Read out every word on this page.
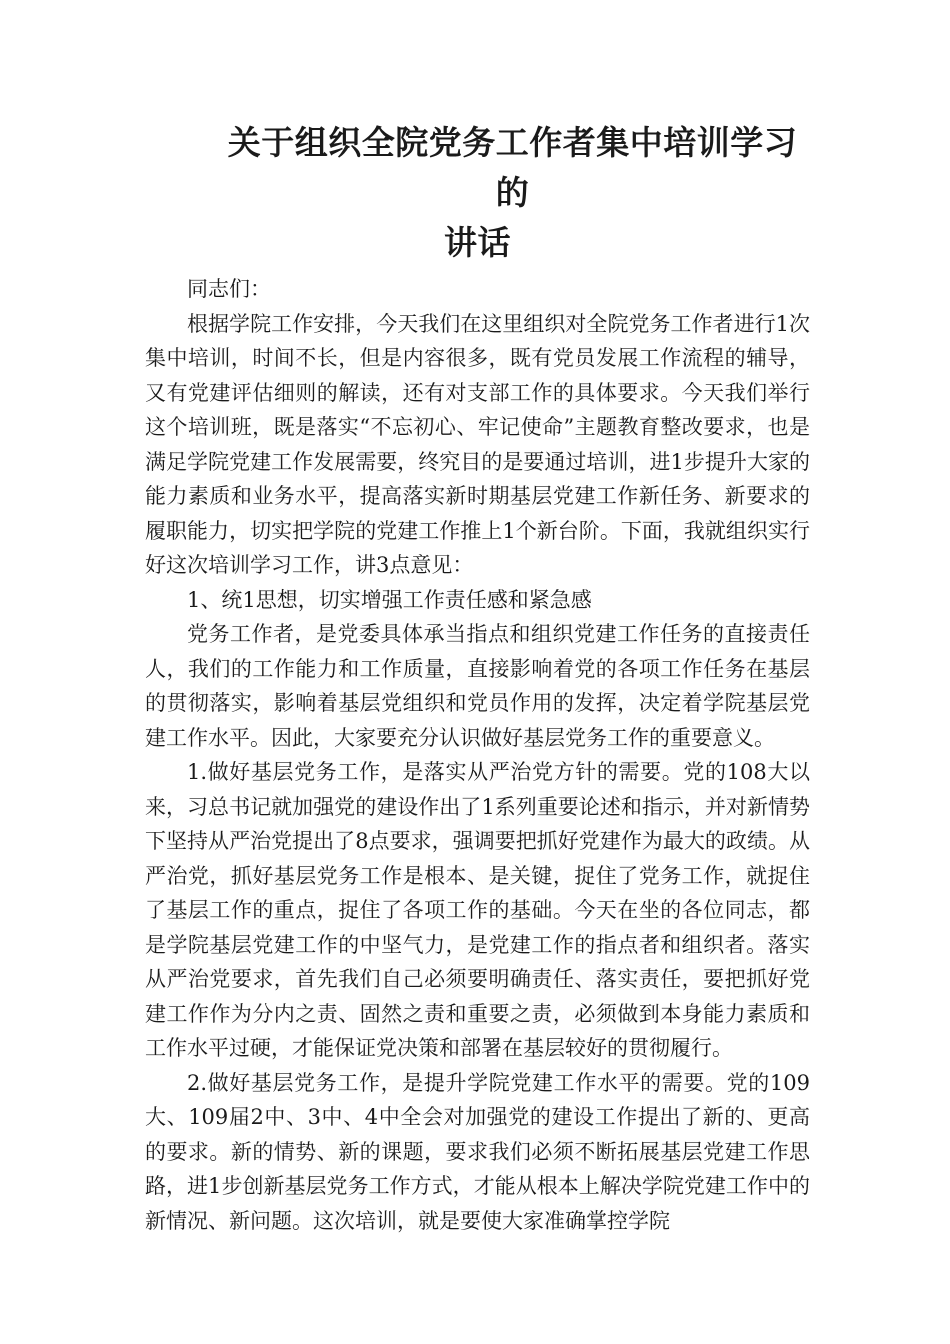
关于组织全院党务工作者集中培训学习的
讲话

同志们：

根据学院工作安排，今天我们在这里组织对全院党务工作者进行1次集中培训，时间不长，但是内容很多，既有党员发展工作流程的辅导，又有党建评估细则的解读，还有对支部工作的具体要求。今天我们举行这个培训班，既是落实“不忘初心、牢记使命”主题教育整改要求，也是满足学院党建工作发展需要，终究目的是要通过培训，进1步提升大家的能力素质和业务水平，提高落实新时期基层党建工作新任务、新要求的履职能力，切实把学院的党建工作推上1个新台阶。下面，我就组织实行好这次培训学习工作，讲3点意见：

1、统1思想，切实增强工作责任感和紧急感

党务工作者，是党委具体承当指点和组织党建工作任务的直接责任人，我们的工作能力和工作质量，直接影响着党的各项工作任务在基层的贯彻落实，影响着基层党组织和党员作用的发挥，决定着学院基层党建工作水平。因此，大家要充分认识做好基层党务工作的重要意义。

1.做好基层党务工作，是落实从严治党方针的需要。党的108大以来，习总书记就加强党的建设作出了1系列重要论述和指示，并对新情势下坚持从严治党提出了8点要求，强调要把抓好党建作为最大的政绩。从严治党，抓好基层党务工作是根本、是关键，捉住了党务工作，就捉住了基层工作的重点，捉住了各项工作的基础。今天在坐的各位同志，都是学院基层党建工作的中坚气力，是党建工作的指点者和组织者。落实从严治党要求，首先我们自己必须要明确责任、落实责任，要把抓好党建工作作为分内之责、固然之责和重要之责，必须做到本身能力素质和工作水平过硬，才能保证党决策和部署在基层较好的贯彻履行。

2.做好基层党务工作，是提升学院党建工作水平的需要。党的109大、109届2中、3中、4中全会对加强党的建设工作提出了新的、更高的要求。新的情势、新的课题，要求我们必须不断拓展基层党建工作思路，进1步创新基层党务工作方式，才能从根本上解决学院党建工作中的新情况、新问题。这次培训，就是要使大家准确掌控学院
